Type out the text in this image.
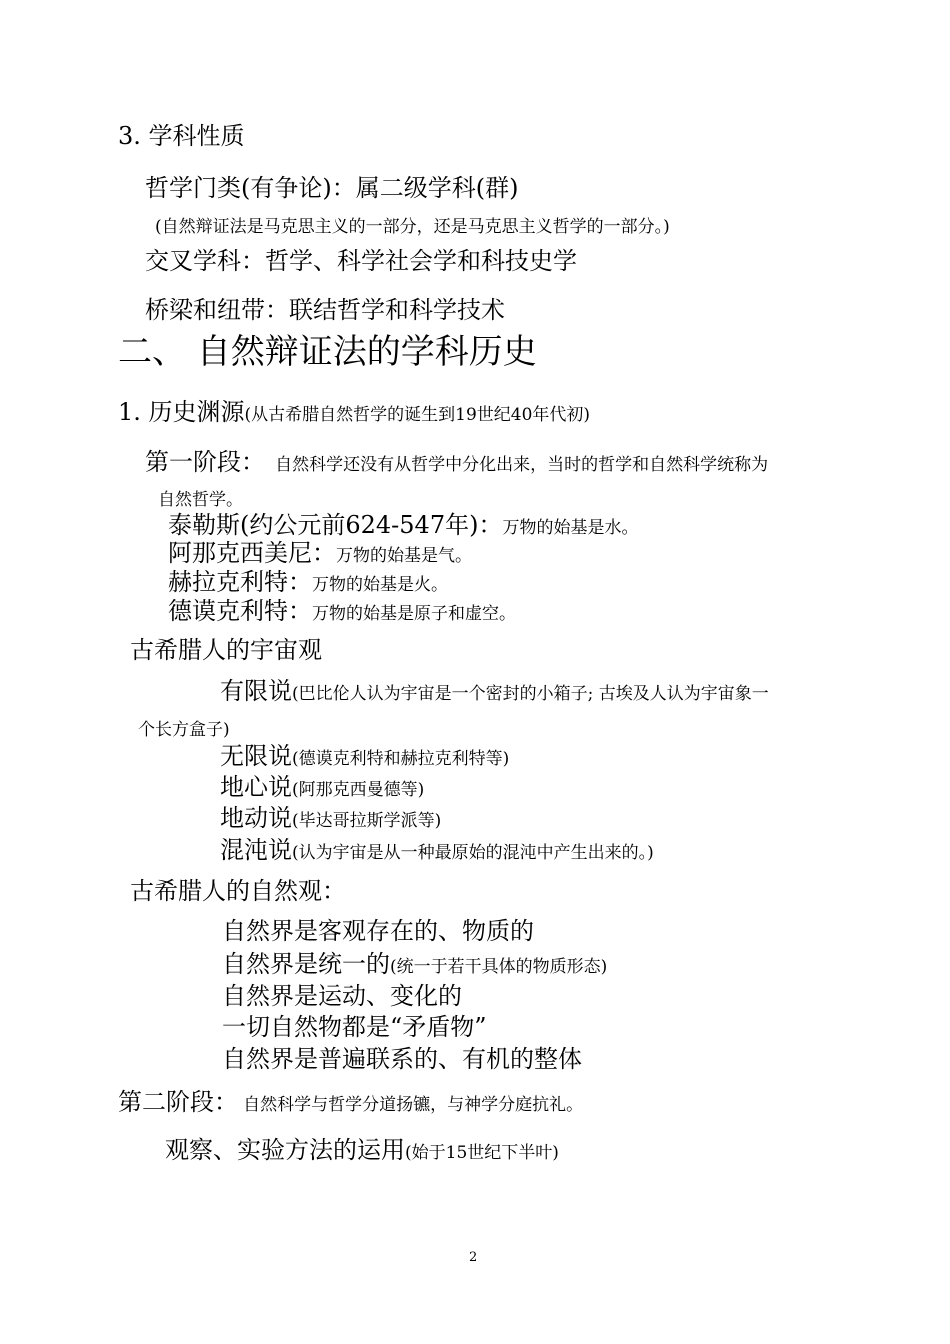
3. 学科性质
哲学门类(有争论)：属二级学科(群)
(自然辩证法是马克思主义的一部分，还是马克思主义哲学的一部分。)
交叉学科：哲学、科学社会学和科技史学
桥梁和纽带：联结哲学和科学技术
二、 自然辩证法的学科历史
1. 历史渊源(从古希腊自然哲学的诞生到19世纪40年代初)
第一阶段： 自然科学还没有从哲学中分化出来，当时的哲学和自然科学统称为
自然哲学。
泰勒斯(约公元前624-547年)：万物的始基是水。
阿那克西美尼：万物的始基是气。
赫拉克利特：万物的始基是火。
德谟克利特：万物的始基是原子和虚空。
古希腊人的宇宙观
有限说(巴比伦人认为宇宙是一个密封的小箱子; 古埃及人认为宇宙象一
个长方盒子)
无限说(德谟克利特和赫拉克利特等)
地心说(阿那克西曼德等)
地动说(毕达哥拉斯学派等)
混沌说(认为宇宙是从一种最原始的混沌中产生出来的。)
古希腊人的自然观：
自然界是客观存在的、物质的
自然界是统一的(统一于若干具体的物质形态)
自然界是运动、变化的
一切自然物都是“矛盾物”
自然界是普遍联系的、有机的整体
第二阶段： 自然科学与哲学分道扬镳，与神学分庭抗礼。
观察、实验方法的运用(始于15世纪下半叶)
2
